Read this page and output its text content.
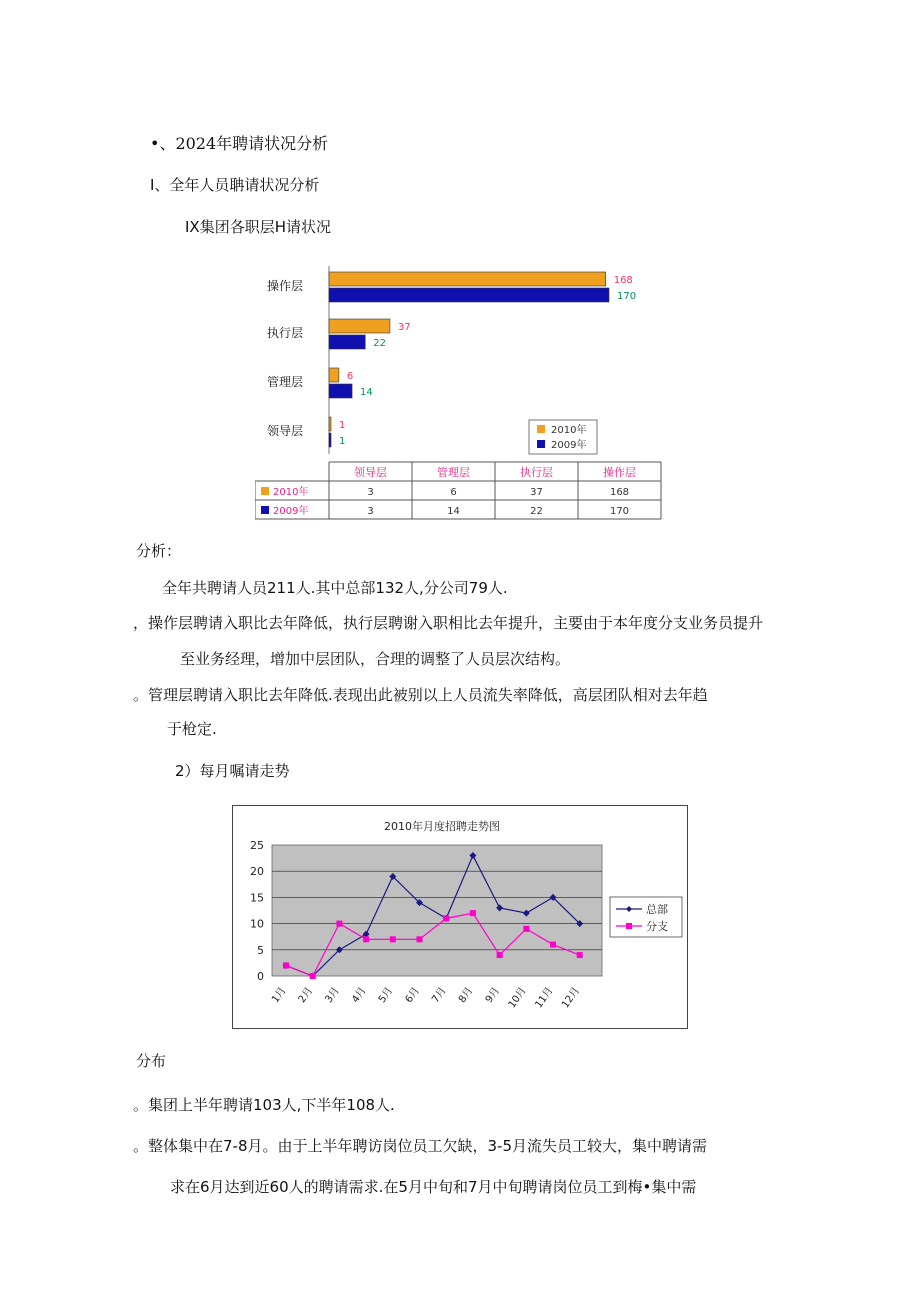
•、2024年聘请状况分析
I、全年人员聃请状况分析
IX集团各职层H请状况
操作层	168
170
执行层	37
22
管理层	6
14
领导层	1
1
2010年
2009年
领导层	管理层	执行层	操作层
2010年	3	6	37	168
2009年	3	14	22	170
分析：
全年共聘请人员211人.其中总部132人,分公司79人.
，操作层聘请入职比去年降低，执行层聘谢入职相比去年提升，主要由于本年度分支业务员提升
至业务经理，增加中层团队，合理的调整了人员层次结构。
。管理层聘请入职比去年降低.表现出此被别以上人员流失率降低，高层团队相对去年趋
于枪定.
2）每月嘱请走势
2010年月度招聘走势图
0
5
10
15
20
25
1月 2月 3月 4月 5月 6月 7月 8月 9月 10月 11月 12月
总部
分支
分布
。集团上半年聘请103人,下半年108人.
。整体集中在7-8月。由于上半年聘访岗位员工欠缺，3-5月流失员工较大，集中聘请需
求在6月达到近60人的聘请需求.在5月中旬和7月中旬聘请岗位员工到梅•集中需
